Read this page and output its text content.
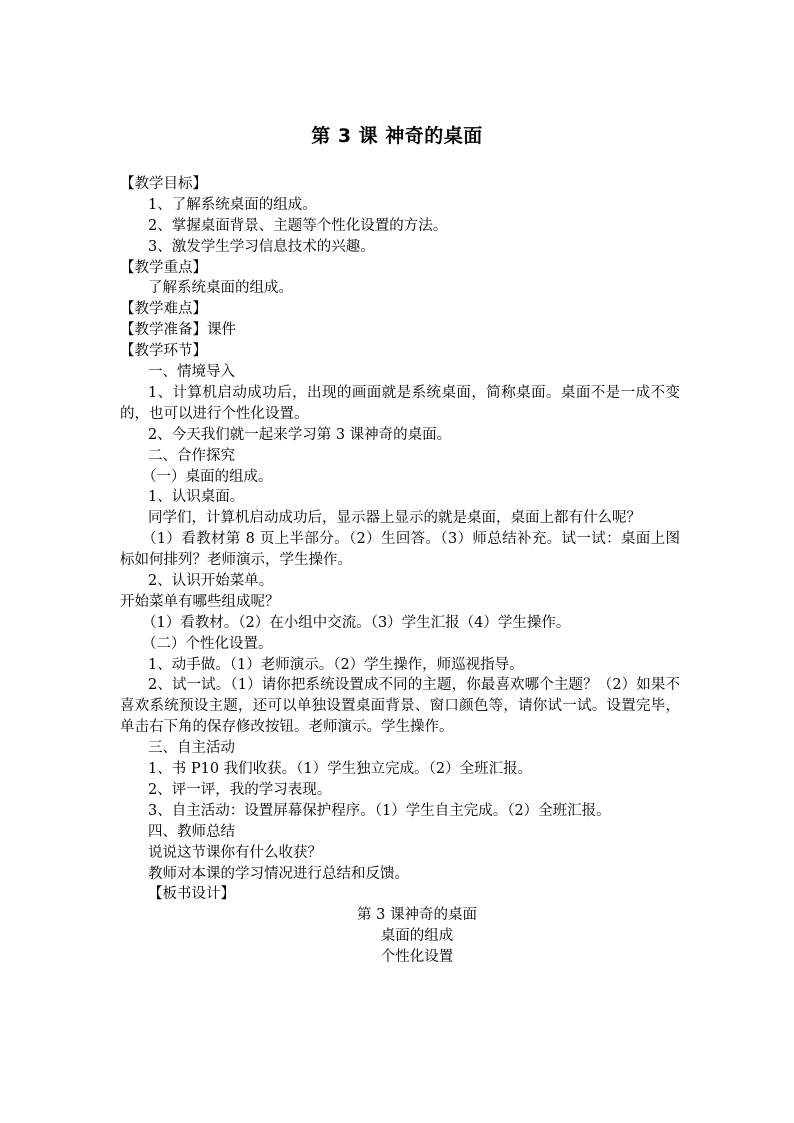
第 3 课 神奇的桌面
【教学目标】
1、了解系统桌面的组成。
2、掌握桌面背景、主题等个性化设置的方法。
3、激发学生学习信息技术的兴趣。
【教学重点】
了解系统桌面的组成。
【教学难点】
【教学准备】课件
【教学环节】
一、情境导入
1、计算机启动成功后，出现的画面就是系统桌面，简称桌面。桌面不是一成不变的，也可以进行个性化设置。
2、今天我们就一起来学习第 3 课神奇的桌面。
二、合作探究
（一）桌面的组成。
1、认识桌面。
同学们，计算机启动成功后，显示器上显示的就是桌面，桌面上都有什么呢？
（1）看教材第 8 页上半部分。（2）生回答。（3）师总结补充。试一试：桌面上图标如何排列？老师演示，学生操作。
2、认识开始菜单。
开始菜单有哪些组成呢？
（1）看教材。（2）在小组中交流。（3）学生汇报（4）学生操作。
（二）个性化设置。
1、动手做。（1）老师演示。（2）学生操作，师巡视指导。
2、试一试。（1）请你把系统设置成不同的主题，你最喜欢哪个主题？（2）如果不喜欢系统预设主题，还可以单独设置桌面背景、窗口颜色等，请你试一试。设置完毕，单击右下角的保存修改按钮。老师演示。学生操作。
三、自主活动
1、书 P10 我们收获。（1）学生独立完成。（2）全班汇报。
2、评一评，我的学习表现。
3、自主活动：设置屏幕保护程序。（1）学生自主完成。（2）全班汇报。
四、教师总结
说说这节课你有什么收获？
教师对本课的学习情况进行总结和反馈。
【板书设计】
第 3 课神奇的桌面
桌面的组成
个性化设置
